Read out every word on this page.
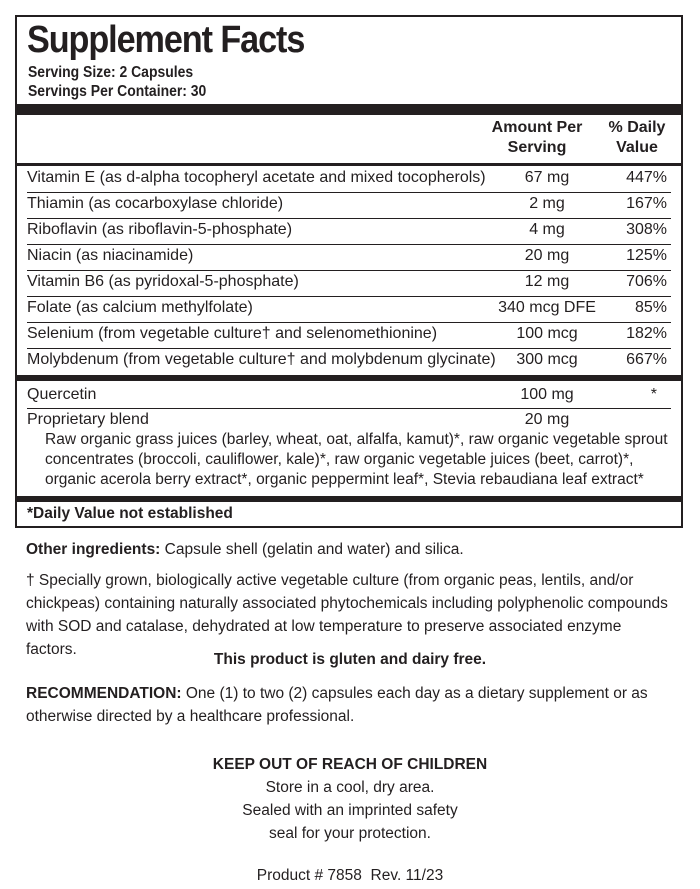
Supplement Facts
Serving Size: 2 Capsules
Servings Per Container: 30
Amount Per
Serving
% Daily
Value
Vitamin E (as d-alpha tocopheryl acetate and mixed tocopherols)	67 mg	447%
Thiamin (as cocarboxylase chloride)	2 mg	167%
Riboflavin (as riboflavin-5-phosphate)	4 mg	308%
Niacin (as niacinamide)	20 mg	125%
Vitamin B6 (as pyridoxal-5-phosphate)	12 mg	706%
Folate (as calcium methylfolate)	340 mcg DFE	85%
Selenium (from vegetable culture† and selenomethionine)	100 mcg	182%
Molybdenum (from vegetable culture† and molybdenum glycinate)	300 mcg	667%
Quercetin	100 mg	*
Proprietary blend	20 mg
Raw organic grass juices (barley, wheat, oat, alfalfa, kamut)*, raw organic vegetable sprout concentrates (broccoli, cauliflower, kale)*, raw organic vegetable juices (beet, carrot)*, organic acerola berry extract*, organic peppermint leaf*, Stevia rebaudiana leaf extract*
*Daily Value not established
Other ingredients: Capsule shell (gelatin and water) and silica.
† Specially grown, biologically active vegetable culture (from organic peas, lentils, and/or chickpeas) containing naturally associated phytochemicals including polyphenolic compounds with SOD and catalase, dehydrated at low temperature to preserve associated enzyme factors.
This product is gluten and dairy free.
RECOMMENDATION: One (1) to two (2) capsules each day as a dietary supplement or as otherwise directed by a healthcare professional.
KEEP OUT OF REACH OF CHILDREN
Store in a cool, dry area.
Sealed with an imprinted safety
seal for your protection.
Product # 7858  Rev. 11/23
